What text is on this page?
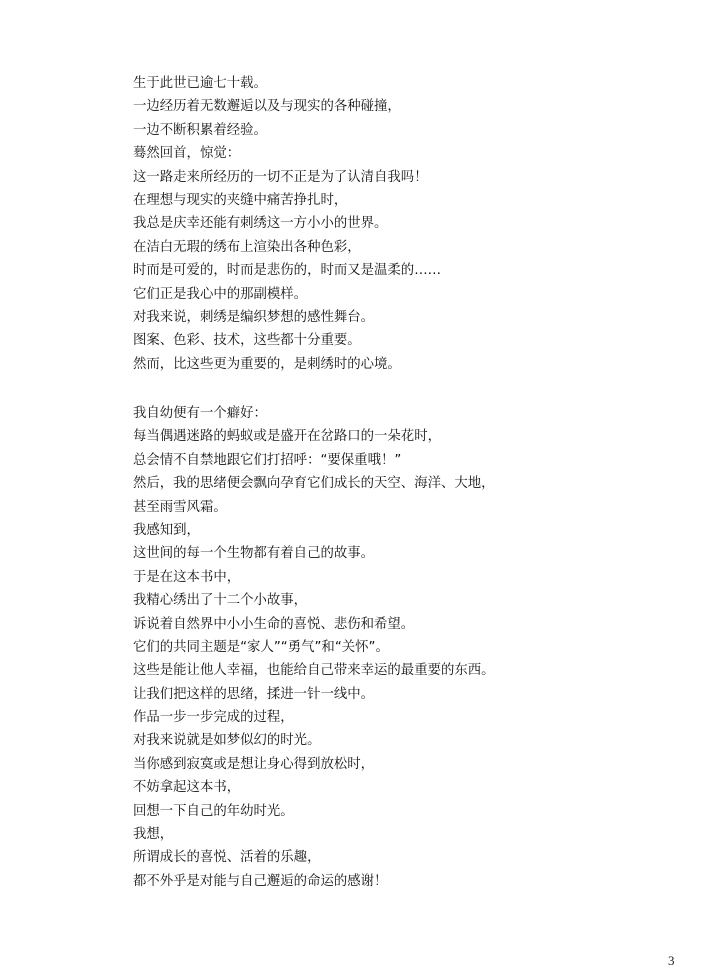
生于此世已逾七十载。
一边经历着无数邂逅以及与现实的各种碰撞，
一边不断积累着经验。
蓦然回首，惊觉：
这一路走来所经历的一切不正是为了认清自我吗！
在理想与现实的夹缝中痛苦挣扎时，
我总是庆幸还能有刺绣这一方小小的世界。
在洁白无瑕的绣布上渲染出各种色彩，
时而是可爱的，时而是悲伤的，时而又是温柔的……
它们正是我心中的那副模样。
对我来说，刺绣是编织梦想的感性舞台。
图案、色彩、技术，这些都十分重要。
然而，比这些更为重要的，是刺绣时的心境。
我自幼便有一个癖好：
每当偶遇迷路的蚂蚁或是盛开在岔路口的一朵花时，
总会情不自禁地跟它们打招呼：“要保重哦！”
然后，我的思绪便会飘向孕育它们成长的天空、海洋、大地，
甚至雨雪风霜。
我感知到，
这世间的每一个生物都有着自己的故事。
于是在这本书中，
我精心绣出了十二个小故事，
诉说着自然界中小小生命的喜悦、悲伤和希望。
它们的共同主题是“家人”“勇气”和“关怀”。
这些是能让他人幸福，也能给自己带来幸运的最重要的东西。
让我们把这样的思绪，揉进一针一线中。
作品一步一步完成的过程，
对我来说就是如梦似幻的时光。
当你感到寂寞或是想让身心得到放松时，
不妨拿起这本书，
回想一下自己的年幼时光。
我想，
所谓成长的喜悦、活着的乐趣，
都不外乎是对能与自己邂逅的命运的感谢！
3
